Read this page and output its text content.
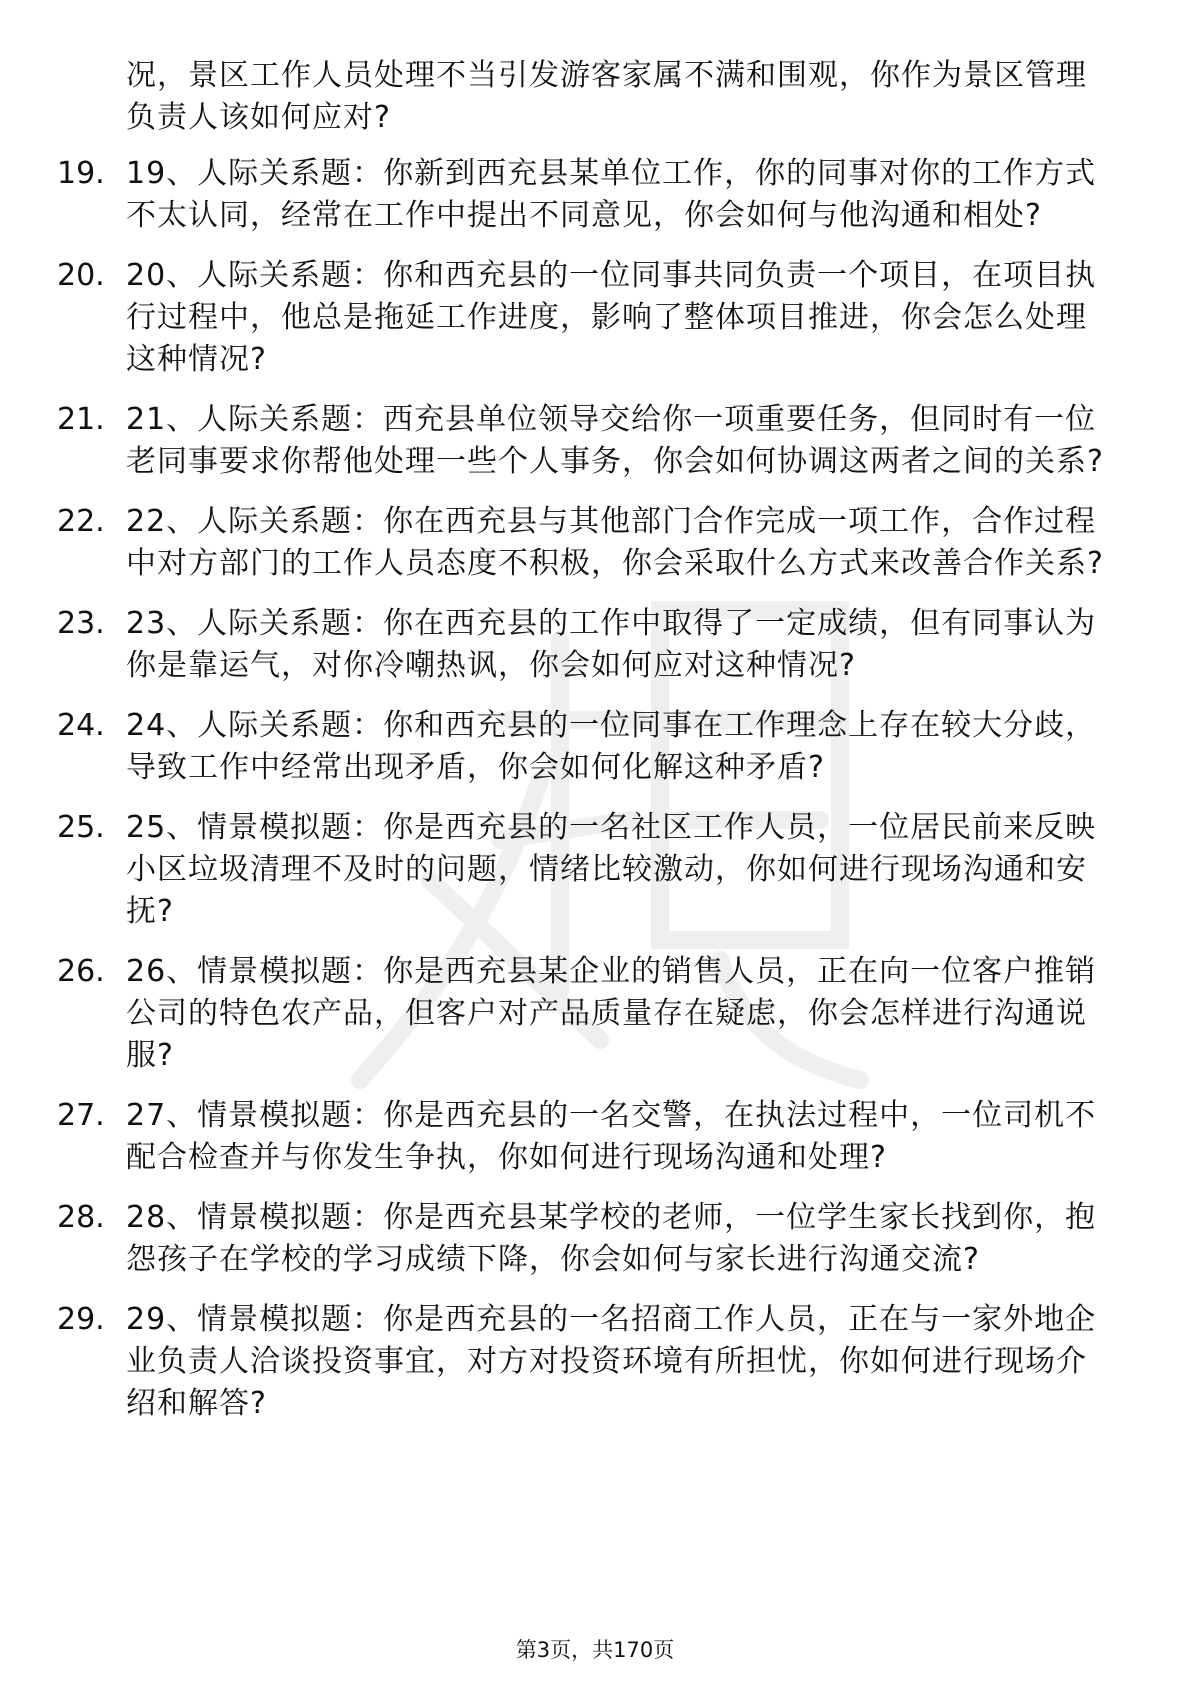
况，景区工作人员处理不当引发游客家属不满和围观，你作为景区管理负责人该如何应对?
19. 19、人际关系题：你新到西充县某单位工作，你的同事对你的工作方式不太认同，经常在工作中提出不同意见，你会如何与他沟通和相处?
20. 20、人际关系题：你和西充县的一位同事共同负责一个项目，在项目执行过程中，他总是拖延工作进度，影响了整体项目推进，你会怎么处理这种情况?
21. 21、人际关系题：西充县单位领导交给你一项重要任务，但同时有一位老同事要求你帮他处理一些个人事务，你会如何协调这两者之间的关系?
22. 22、人际关系题：你在西充县与其他部门合作完成一项工作，合作过程中对方部门的工作人员态度不积极，你会采取什么方式来改善合作关系?
23. 23、人际关系题：你在西充县的工作中取得了一定成绩，但有同事认为你是靠运气，对你冷嘲热讽，你会如何应对这种情况?
24. 24、人际关系题：你和西充县的一位同事在工作理念上存在较大分歧，导致工作中经常出现矛盾，你会如何化解这种矛盾?
25. 25、情景模拟题：你是西充县的一名社区工作人员，一位居民前来反映小区垃圾清理不及时的问题，情绪比较激动，你如何进行现场沟通和安抚?
26. 26、情景模拟题：你是西充县某企业的销售人员，正在向一位客户推销公司的特色农产品，但客户对产品质量存在疑虑，你会怎样进行沟通说服?
27. 27、情景模拟题：你是西充县的一名交警，在执法过程中，一位司机不配合检查并与你发生争执，你如何进行现场沟通和处理?
28. 28、情景模拟题：你是西充县某学校的老师，一位学生家长找到你，抱怨孩子在学校的学习成绩下降，你会如何与家长进行沟通交流?
29. 29、情景模拟题：你是西充县的一名招商工作人员，正在与一家外地企业负责人洽谈投资事宜，对方对投资环境有所担忧，你如何进行现场介绍和解答?
第3页，共170页
